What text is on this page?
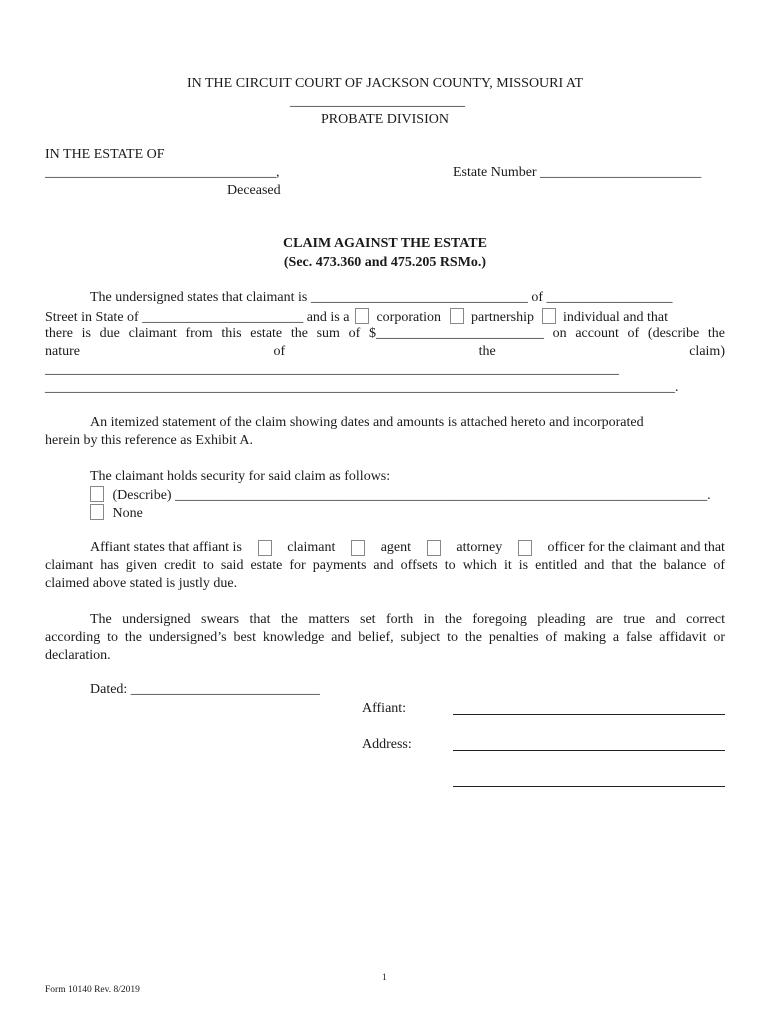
IN THE CIRCUIT COURT OF JACKSON COUNTY, MISSOURI AT
_________________________
PROBATE DIVISION
IN THE ESTATE OF
_________________________________,
Deceased
Estate Number _______________________
CLAIM AGAINST THE ESTATE
(Sec. 473.360 and 475.205 RSMo.)
The undersigned states that claimant is _______________________________ of __________________
Street in State of _______________________ and is a corporation partnership individual and that
there is due claimant from this estate the sum of $________________________ on account of (describe the
nature	of	the	claim)
__________________________________________________________________________________
__________________________________________________________________________________________.
An itemized statement of the claim showing dates and amounts is attached hereto and incorporated
herein by this reference as Exhibit A.
The claimant holds security for said claim as follows:
(Describe) ____________________________________________________________________________.
None
Affiant states that affiant is	claimant	agent	attorney	officer for the claimant and that
claimant has given credit to said estate for payments and offsets to which it is entitled and that the balance of
claimed above stated is justly due.
The undersigned swears that the matters set forth in the foregoing pleading are true and correct
according to the undersigned’s best knowledge and belief, subject to the penalties of making a false affidavit or
declaration.
Dated: ___________________________
Affiant:
Address:
1
Form 10140 Rev. 8/2019
